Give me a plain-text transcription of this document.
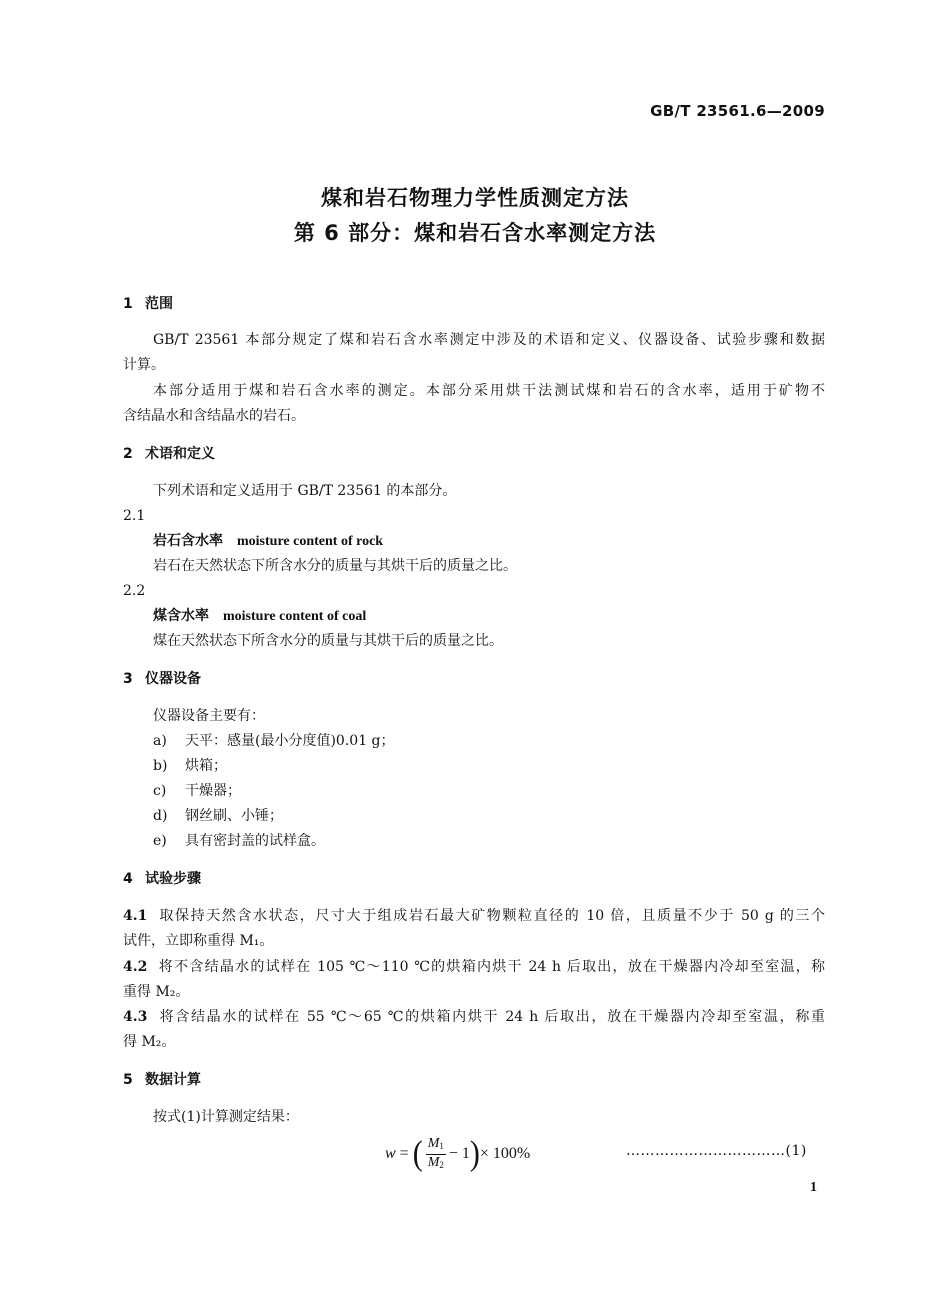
GB/T 23561.6—2009
煤和岩石物理力学性质测定方法
第 6 部分：煤和岩石含水率测定方法
1 范围
GB/T 23561 本部分规定了煤和岩石含水率测定中涉及的术语和定义、仪器设备、试验步骤和数据
计算。
本部分适用于煤和岩石含水率的测定。本部分采用烘干法测试煤和岩石的含水率，适用于矿物不
含结晶水和含结晶水的岩石。
2 术语和定义
下列术语和定义适用于 GB/T 23561 的本部分。
2.1
岩石含水率 moisture content of rock
岩石在天然状态下所含水分的质量与其烘干后的质量之比。
2.2
煤含水率 moisture content of coal
煤在天然状态下所含水分的质量与其烘干后的质量之比。
3 仪器设备
仪器设备主要有：
a) 天平：感量(最小分度值)0.01 g；
b) 烘箱；
c) 干燥器；
d) 钢丝刷、小锤；
e) 具有密封盖的试样盒。
4 试验步骤
4.1 取保持天然含水状态，尺寸大于组成岩石最大矿物颗粒直径的 10 倍，且质量不少于 50 g 的三个
试件，立即称重得 M₁。
4.2 将不含结晶水的试样在 105 ℃～110 ℃的烘箱内烘干 24 h 后取出，放在干燥器内冷却至室温，称
重得 M₂。
4.3 将含结晶水的试样在 55 ℃～65 ℃的烘箱内烘干 24 h 后取出，放在干燥器内冷却至室温，称重
得 M₂。
5 数据计算
按式(1)计算测定结果：
w
=
( $\frac{M_1}{M_2} - 1$ ) × 100%	……………………………(1)
1
